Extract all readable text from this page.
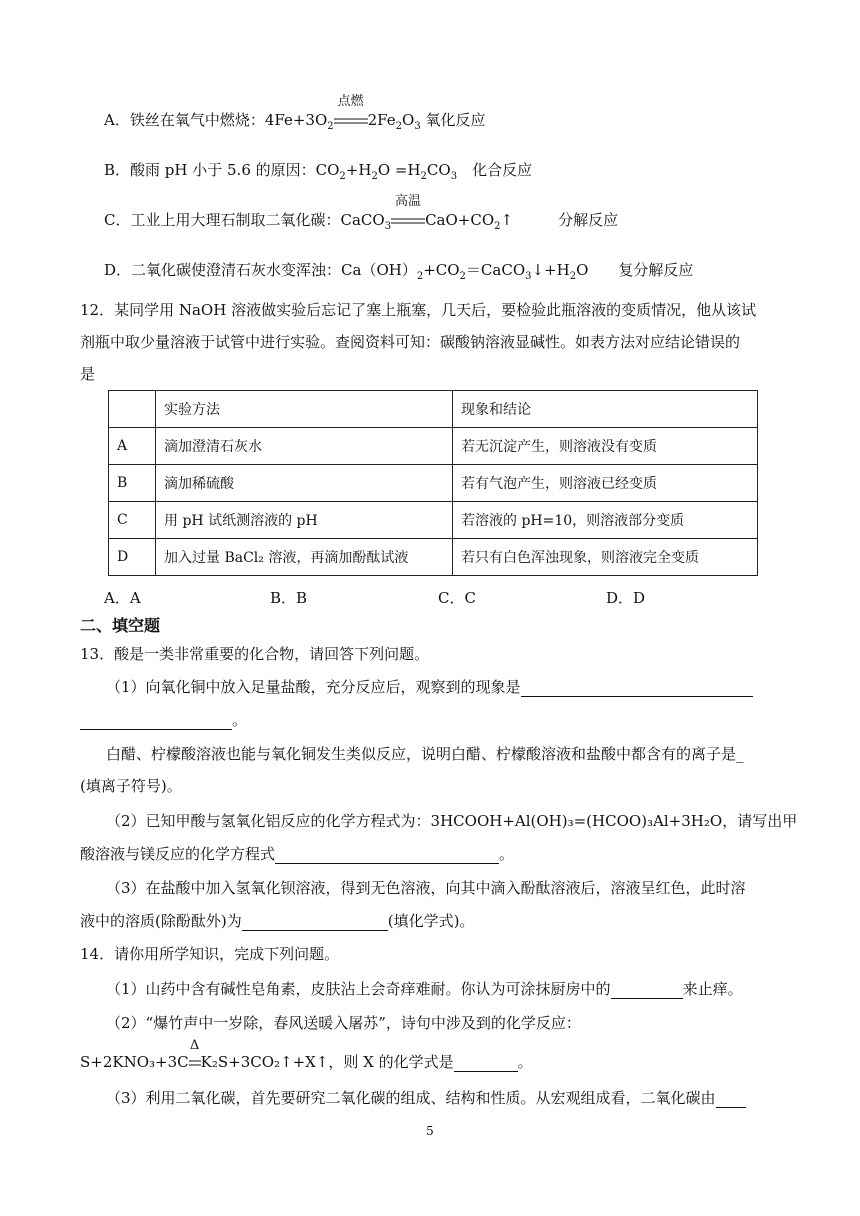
A．铁丝在氧气中燃烧：$4Fe+3O_2$
点燃
$2Fe_2O_3$ 氧化反应
B．酸雨 pH 小于 5.6 的原因：$CO_2+H_2O =H_2CO_3$　化合反应
C．工业上用大理石制取二氧化碳：CaCO$_3$
高温
$CaO+CO_2↑$　　　分解反应
D．二氧化碳使澄清石灰水变浑浊：$Ca(OH)_2+CO_2=CaCO_3↓+H_2O$　　复分解反应
12．某同学用 NaOH 溶液做实验后忘记了塞上瓶塞，几天后，要检验此瓶溶液的变质情况，他从该试
剂瓶中取少量溶液于试管中进行实验。查阅资料可知：碳酸钠溶液显碱性。如表方法对应结论错误的
是
	实验方法	现象和结论
A	滴加澄清石灰水	若无沉淀产生，则溶液没有变质
B	滴加稀硫酸	若有气泡产生，则溶液已经变质
C	用 pH 试纸测溶液的 pH	若溶液的 pH=10，则溶液部分变质
D	加入过量 BaCl₂ 溶液，再滴加酚酞试液	若只有白色浑浊现象，则溶液完全变质
A．A	B．B	C．C	D．D
二、填空题
13．酸是一类非常重要的化合物，请回答下列问题。
（1）向氧化铜中放入足量盐酸，充分反应后，观察到的现象是
。
白醋、柠檬酸溶液也能与氧化铜发生类似反应，说明白醋、柠檬酸溶液和盐酸中都含有的离子是_
(填离子符号)。
（2）已知甲酸与氢氧化铝反应的化学方程式为：3HCOOH+Al(OH)₃=(HCOO)₃Al+3H₂O，请写出甲
酸溶液与镁反应的化学方程式	。
（3）在盐酸中加入氢氧化钡溶液，得到无色溶液，向其中滴入酚酞溶液后，溶液呈红色，此时溶
液中的溶质(除酚酞外)为	(填化学式)。
14．请你用所学知识，完成下列问题。
（1）山药中含有碱性皂角素，皮肤沾上会奇痒难耐。你认为可涂抹厨房中的	来止痒。
（2）“爆竹声中一岁除，春风送暖入屠苏”，诗句中涉及到的化学反应：
S+2KNO₃+3C
Δ
K₂S+3CO₂↑+X↑，则 X 的化学式是	。
（3）利用二氧化碳，首先要研究二氧化碳的组成、结构和性质。从宏观组成看，二氧化碳由
5
